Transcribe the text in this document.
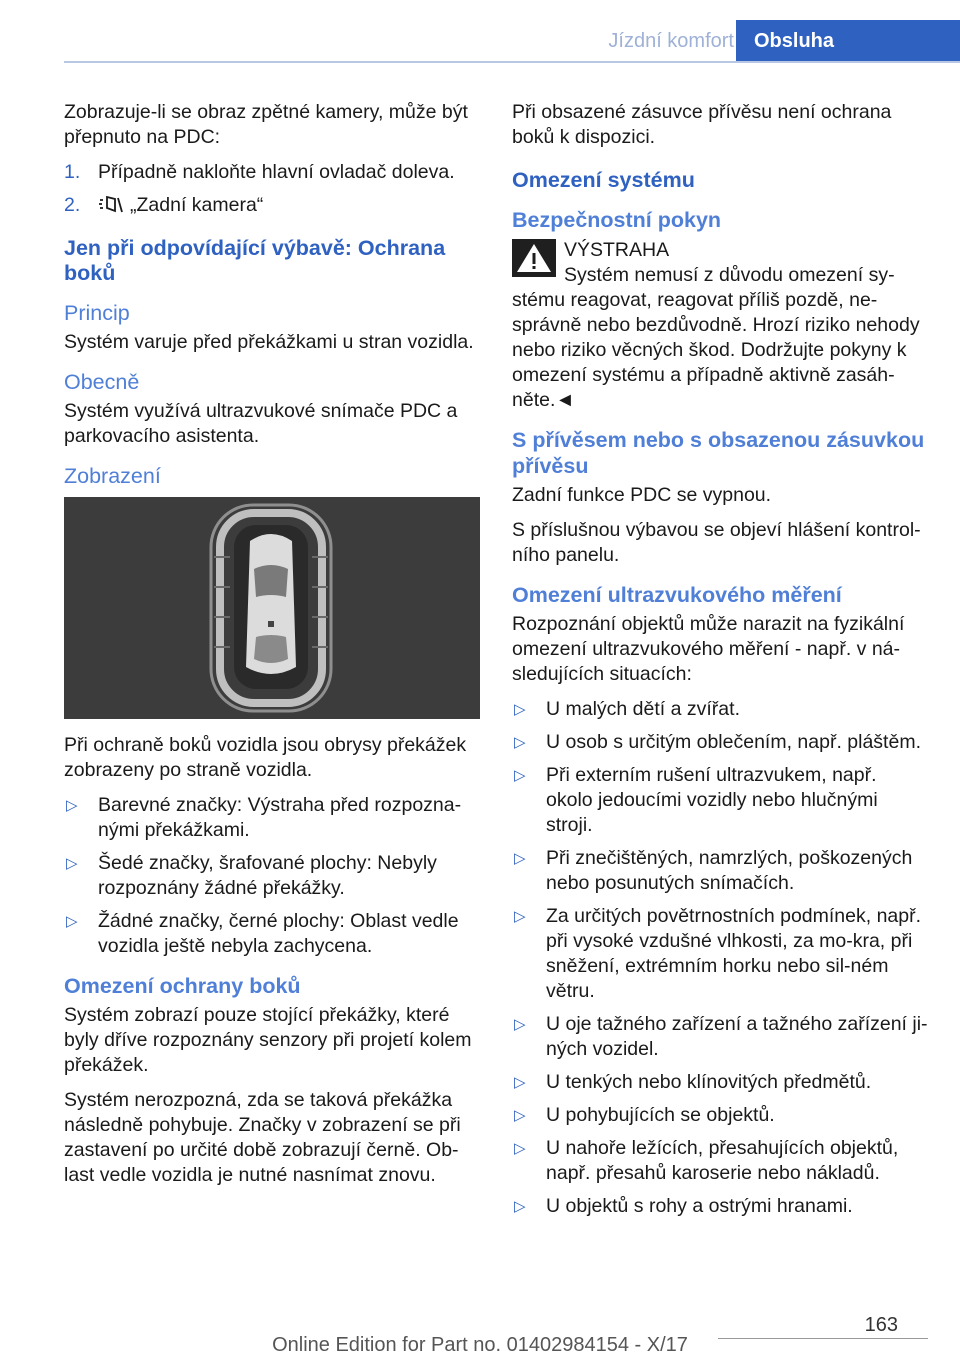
Jízdní komfort	Obsluha

Zobrazuje-li se obraz zpětné kamery, může být přepnuto na PDC:

1. Případně nakloňte hlavní ovladač doleva.
2.	„Zadní kamera“
Jen při odpovídající výbavě: Ochrana boků
Princip

Systém varuje před překážkami u stran vozidla.

Obecně

Systém využívá ultrazvukové snímače PDC a parkovacího asistenta.

Zobrazení

Při ochraně boků vozidla jsou obrysy překážek zobrazeny po straně vozidla.

▷ Barevné značky: Výstraha před rozpozna‐nými překážkami.
▷ Šedé značky, šrafované plochy: Nebyly rozpoznány žádné překážky.
▷ Žádné značky, černé plochy: Oblast vedle vozidla ještě nebyla zachycena.
Omezení ochrany boků

Systém zobrazí pouze stojící překážky, které byly dříve rozpoznány senzory při projetí kolem překážek.

Systém nerozpozná, zda se taková překážka následně pohybuje. Značky v zobrazení se při zastavení po určité době zobrazují černě. Ob‐last vedle vozidla je nutné nasnímat znovu.

Při obsazené zásuvce přívěsu není ochrana boků k dispozici.

Omezení systému
Bezpečnostní pokyn
VÝSTRAHA

Systém nemusí z důvodu omezení sy‐stému reagovat, reagovat příliš pozdě, ne‐správně nebo bezdůvodně. Hrozí riziko nehody nebo riziko věcných škod. Dodržujte pokyny k omezení systému a případně aktivně zasáh‐něte.◄

S přívěsem nebo s obsazenou zásuvkou přívěsu

Zadní funkce PDC se vypnou.

S příslušnou výbavou se objeví hlášení kontrol‐ního panelu.

Omezení ultrazvukového měření

Rozpoznání objektů může narazit na fyzikální omezení ultrazvukového měření - např. v ná‐sledujících situacích:

▷ U malých dětí a zvířat.
▷ U osob s určitým oblečením, např. pláštěm.
▷ Při externím rušení ultrazvukem, např. okolo jedoucími vozidly nebo hlučnými stroji.
▷ Při znečištěných, namrzlých, poškozených nebo posunutých snímačích.
▷ Za určitých povětrnostních podmínek, např. při vysoké vzdušné vlhkosti, za mo‐kra, při sněžení, extrémním horku nebo sil‐ném větru.
▷ U oje tažného zařízení a tažného zařízení ji‐ných vozidel.
▷ U tenkých nebo klínovitých předmětů.
▷ U pohybujících se objektů.
▷ U nahoře ležících, přesahujících objektů, např. přesahů karoserie nebo nákladů.
▷ U objektů s rohy a ostrými hranami.
163
Online Edition for Part no. 01402984154 - X/17
